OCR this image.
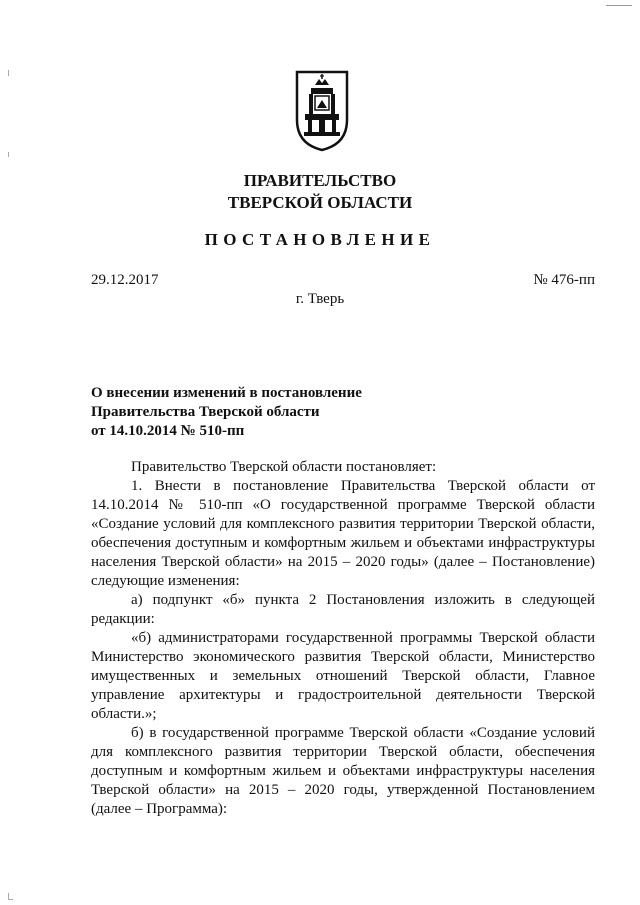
ПРАВИТЕЛЬСТВО
ТВЕРСКОЙ ОБЛАСТИ
ПОСТАНОВЛЕНИЕ
29.12.2017	№ 476-пп
г. Тверь
О внесении изменений в постановление
Правительства Тверской области
от 14.10.2014 № 510-пп

Правительство Тверской области постановляет:

1. Внести в постановление Правительства Тверской области от 14.10.2014 № 510-пп «О государственной программе Тверской области «Создание условий для комплексного развития территории Тверской области, обеспечения доступным и комфортным жильем и объектами инфраструктуры населения Тверской области» на 2015 – 2020 годы» (далее – Постановление) следующие изменения:

а) подпункт «б» пункта 2 Постановления изложить в следующей редакции:

«б) администраторами государственной программы Тверской области Министерство экономического развития Тверской области, Министерство имущественных и земельных отношений Тверской области, Главное управление архитектуры и градостроительной деятельности Тверской области.»;

б) в государственной программе Тверской области «Создание условий для комплексного развития территории Тверской области, обеспечения доступным и комфортным жильем и объектами инфраструктуры населения Тверской области» на 2015 – 2020 годы, утвержденной Постановлением (далее – Программа):
